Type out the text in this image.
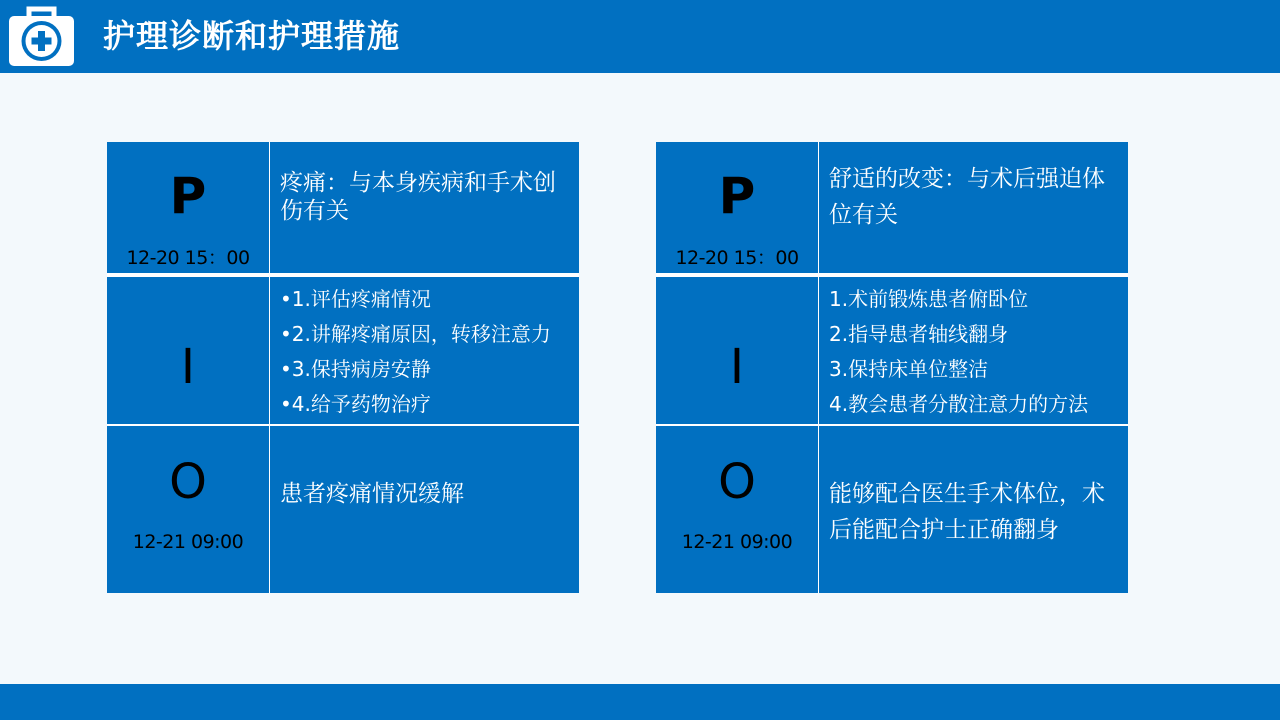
护理诊断和护理措施
P
12-20 15：00
疼痛：与本身疾病和手术创伤有关
I
•1.评估疼痛情况
•2.讲解疼痛原因，转移注意力
•3.保持病房安静
•4.给予药物治疗
O
12-21 09:00
患者疼痛情况缓解
P
12-20 15：00
舒适的改变：与术后强迫体位有关
I
1.术前锻炼患者俯卧位
2.指导患者轴线翻身
3.保持床单位整洁
4.教会患者分散注意力的方法
O
12-21 09:00
能够配合医生手术体位，术后能配合护士正确翻身
